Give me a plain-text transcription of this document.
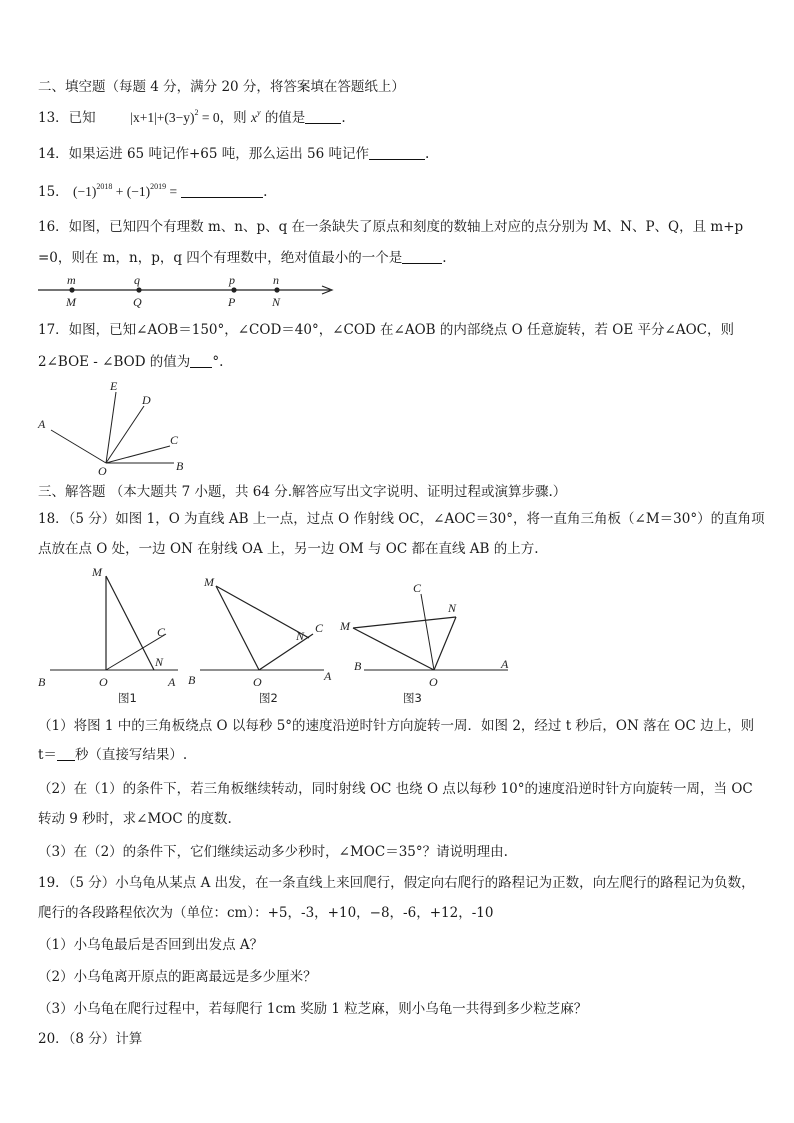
二、填空题（每题 4 分，满分 20 分，将答案填在答题纸上）
13．已知	$|x+1|+(3-y)^2 = 0$，则 $x^y$ 的值是	.
14．如果运进 65 吨记作+65 吨，那么运出 56 吨记作	.
15． $(-1)^{2018} + (-1)^{2019}$ =	.
16．如图，已知四个有理数 m、n、p、q 在一条缺失了原点和刻度的数轴上对应的点分别为 M、N、P、Q，且 m+p
=0，则在 m，n，p，q 四个有理数中，绝对值最小的一个是	.
m	q	p	n
M	Q	P	N
17．如图，已知∠AOB＝150°，∠COD＝40°，∠COD 在∠AOB 的内部绕点 O 任意旋转，若 OE 平分∠AOC，则
2∠BOE - ∠BOD 的值为 °.
E
D
A
C
O	B
三、解答题 （本大题共 7 小题，共 64 分.解答应写出文字说明、证明过程或演算步骤.）
18．（5 分）如图 1，O 为直线 AB 上一点，过点 O 作射线 OC，∠AOC＝30°，将一直角三角板（∠M＝30°）的直角项
点放在点 O 处，一边 ON 在射线 OA 上，另一边 OM 与 OC 都在直线 AB 的上方.
M
C
N
B	O	A
图1
M
N
C
B	O	A
图2
C
N
M
B
O
A
图3
（1）将图 1 中的三角板绕点 O 以每秒 5°的速度沿逆时针方向旋转一周．如图 2，经过 t 秒后，ON 落在 OC 边上，则
t＝ 秒（直接写结果）.
（2）在（1）的条件下，若三角板继续转动，同时射线 OC 也绕 O 点以每秒 10°的速度沿逆时针方向旋转一周，当 OC
转动 9 秒时，求∠MOC 的度数.
（3）在（2）的条件下，它们继续运动多少秒时，∠MOC＝35°？请说明理由.
19．（5 分）小乌龟从某点 A 出发，在一条直线上来回爬行，假定向右爬行的路程记为正数，向左爬行的路程记为负数，
爬行的各段路程依次为（单位：cm）：+5，-3，+10，−8，-6，+12，-10
（1）小乌龟最后是否回到出发点 A？
（2）小乌龟离开原点的距离最远是多少厘米？
（3）小乌龟在爬行过程中，若每爬行 1cm 奖励 1 粒芝麻，则小乌龟一共得到多少粒芝麻？
20．（8 分）计算
